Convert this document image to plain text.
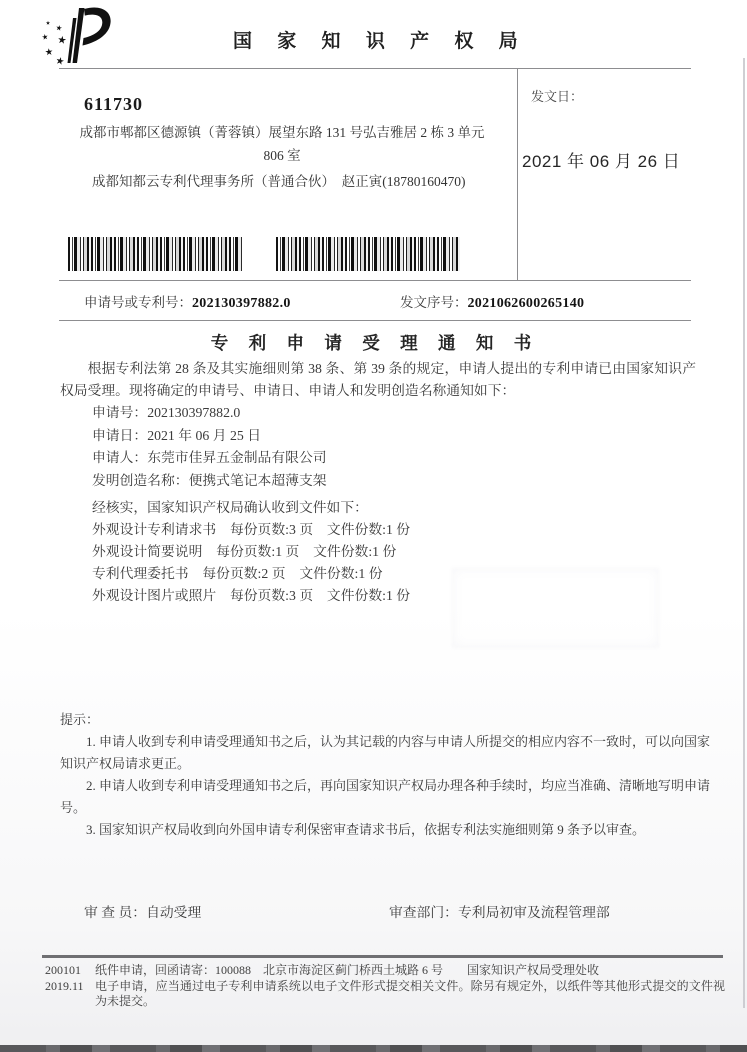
国 家 知 识 产 权 局
发文日：
2021 年 06 月 26 日
611730
成都市郫都区德源镇（菁蓉镇）展望东路 131 号弘吉雅居 2 栋 3 单元
806 室
成都知都云专利代理事务所（普通合伙）　赵正寅(18780160470)
申请号或专利号：202130397882.0	发文序号：2021062600265140
专 利 申 请 受 理 通 知 书
根据专利法第 28 条及其实施细则第 38 条、第 39 条的规定，申请人提出的专利申请已由国家知识产权局受理。现将确定的申请号、申请日、申请人和发明创造名称通知如下：
申请号：202130397882.0
申请日：2021 年 06 月 25 日
申请人：东莞市佳昇五金制品有限公司
发明创造名称：便携式笔记本超薄支架
经核实，国家知识产权局确认收到文件如下：
外观设计专利请求书　每份页数:3 页　文件份数:1 份
外观设计简要说明　每份页数:1 页　文件份数:1 份
专利代理委托书　每份页数:2 页　文件份数:1 份
外观设计图片或照片　每份页数:3 页　文件份数:1 份

提示：

1. 申请人收到专利申请受理通知书之后，认为其记载的内容与申请人所提交的相应内容不一致时，可以向国家知识产权局请求更正。

2. 申请人收到专利申请受理通知书之后，再向国家知识产权局办理各种手续时，均应当准确、清晰地写明申请号。

3. 国家知识产权局收到向外国申请专利保密审查请求书后，依据专利法实施细则第 9 条予以审查。

审 查 员：自动受理	审查部门：专利局初审及流程管理部
200101
2019.11

纸件申请，回函请寄：100088　北京市海淀区蓟门桥西土城路 6 号　　国家知识产权局受理处收

电子申请，应当通过电子专利申请系统以电子文件形式提交相关文件。除另有规定外，以纸件等其他形式提交的文件视为未提交。
